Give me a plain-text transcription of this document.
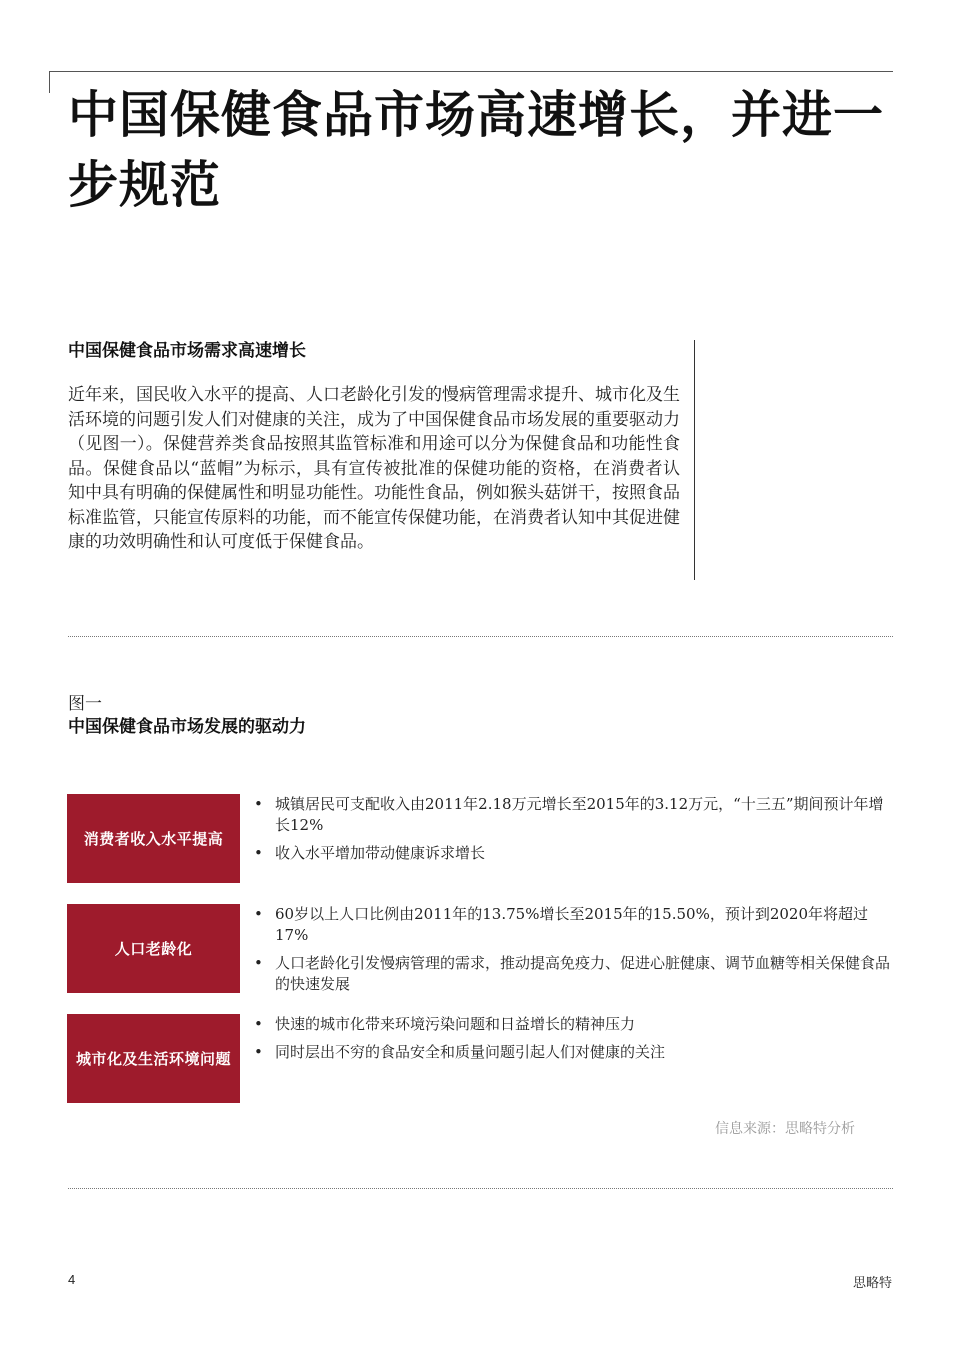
中国保健食品市场高速增长，并进一步规范
中国保健食品市场需求高速增长

近年来，国民收入水平的提高、人口老龄化引发的慢病管理需求提升、城市化及生活环境的问题引发人们对健康的关注，成为了中国保健食品市场发展的重要驱动力（见图一）。保健营养类食品按照其监管标准和用途可以分为保健食品和功能性食品。保健食品以“蓝帽”为标示，具有宣传被批准的保健功能的资格，在消费者认知中具有明确的保健属性和明显功能性。功能性食品，例如猴头菇饼干，按照食品标准监管，只能宣传原料的功能，而不能宣传保健功能，在消费者认知中其促进健康的功效明确性和认可度低于保健食品。

图一

中国保健食品市场发展的驱动力

消费者收入水平提高
• 城镇居民可支配收入由2011年2.18万元增长至2015年的3.12万元，“十三五”期间预计年增长12%
• 收入水平增加带动健康诉求增长
人口老龄化
• 60岁以上人口比例由2011年的13.75%增长至2015年的15.50%，预计到2020年将超过17%
• 人口老龄化引发慢病管理的需求，推动提高免疫力、促进心脏健康、调节血糖等相关保健食品的快速发展
城市化及生活环境问题
• 快速的城市化带来环境污染问题和日益增长的精神压力
• 同时层出不穷的食品安全和质量问题引起人们对健康的关注

信息来源：思略特分析

4	思略特
